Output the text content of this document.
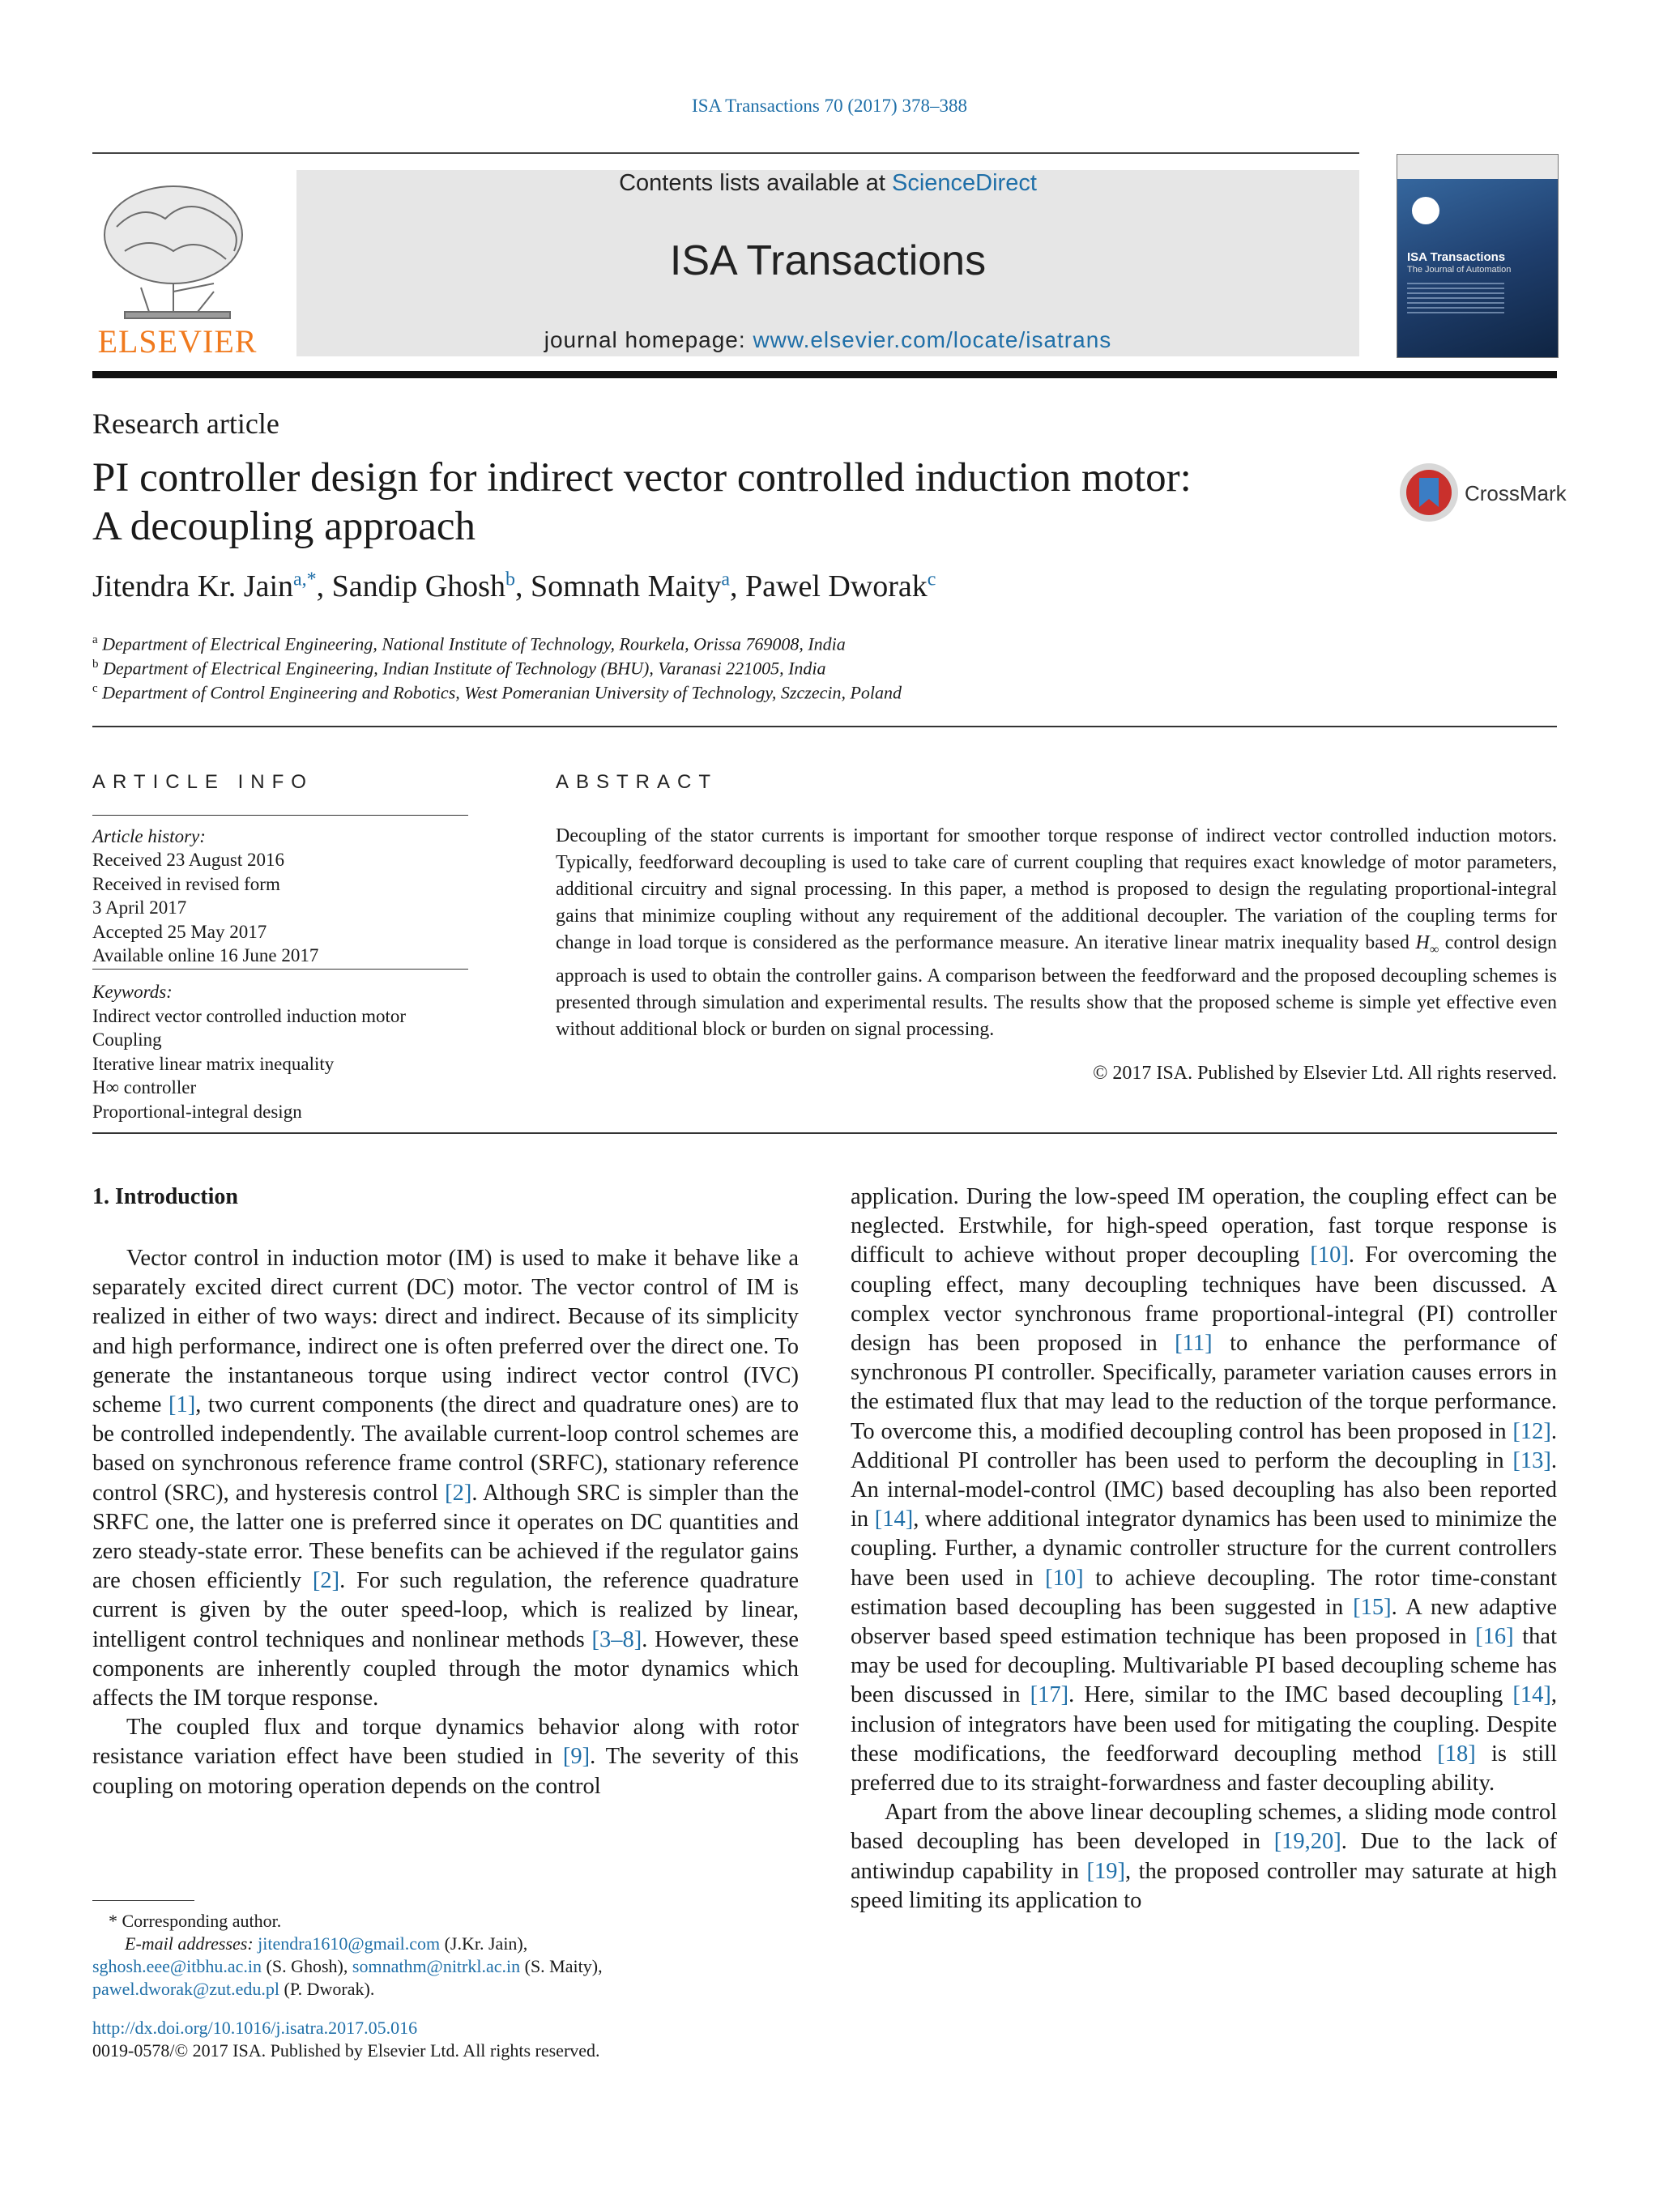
ISA Transactions 70 (2017) 378–388
ELSEVIER
Contents lists available at ScienceDirect
ISA Transactions
journal homepage: www.elsevier.com/locate/isatrans
ISA Transactions
The Journal of Automation
Research article
PI controller design for indirect vector controlled induction motor:
A decoupling approach
CrossMark
Jitendra Kr. Jain$^{a,*}$, Sandip Ghosh$^b$, Somnath Maity$^a$, Pawel Dworak$^c$
$^a$ Department of Electrical Engineering, National Institute of Technology, Rourkela, Orissa 769008, India
$^b$ Department of Electrical Engineering, Indian Institute of Technology (BHU), Varanasi 221005, India
$^c$ Department of Control Engineering and Robotics, West Pomeranian University of Technology, Szczecin, Poland
ARTICLE INFO
Article history:
Received 23 August 2016
Received in revised form
3 April 2017
Accepted 25 May 2017
Available online 16 June 2017
Keywords:
Indirect vector controlled induction motor
Coupling
Iterative linear matrix inequality
H∞ controller
Proportional-integral design
ABSTRACT
Decoupling of the stator currents is important for smoother torque response of indirect vector controlled induction motors. Typically, feedforward decoupling is used to take care of current coupling that requires exact knowledge of motor parameters, additional circuitry and signal processing. In this paper, a method is proposed to design the regulating proportional-integral gains that minimize coupling without any requirement of the additional decoupler. The variation of the coupling terms for change in load torque is considered as the performance measure. An iterative linear matrix inequality based $H_\infty$ control design approach is used to obtain the controller gains. A comparison between the feedforward and the proposed decoupling schemes is presented through simulation and experimental results. The results show that the proposed scheme is simple yet effective even without additional block or burden on signal processing.
© 2017 ISA. Published by Elsevier Ltd. All rights reserved.
1. Introduction

Vector control in induction motor (IM) is used to make it behave like a separately excited direct current (DC) motor. The vector control of IM is realized in either of two ways: direct and indirect. Because of its simplicity and high performance, indirect one is often preferred over the direct one. To generate the instantaneous torque using indirect vector control (IVC) scheme [1], two current components (the direct and quadrature ones) are to be controlled independently. The available current-loop control schemes are based on synchronous reference frame control (SRFC), stationary reference control (SRC), and hysteresis control [2]. Although SRC is simpler than the SRFC one, the latter one is preferred since it operates on DC quantities and zero steady-state error. These benefits can be achieved if the regulator gains are chosen efficiently [2]. For such regulation, the reference quadrature current is given by the outer speed-loop, which is realized by linear, intelligent control techniques and nonlinear methods [3–8]. However, these components are inherently coupled through the motor dynamics which affects the IM torque response.

The coupled flux and torque dynamics behavior along with rotor resistance variation effect have been studied in [9]. The severity of this coupling on motoring operation depends on the control

application. During the low-speed IM operation, the coupling effect can be neglected. Erstwhile, for high-speed operation, fast torque response is difficult to achieve without proper decoupling [10]. For overcoming the coupling effect, many decoupling techniques have been discussed. A complex vector synchronous frame proportional-integral (PI) controller design has been proposed in [11] to enhance the performance of synchronous PI controller. Specifically, parameter variation causes errors in the estimated flux that may lead to the reduction of the torque performance. To overcome this, a modified decoupling control has been proposed in [12]. Additional PI controller has been used to perform the decoupling in [13]. An internal-model-control (IMC) based decoupling has also been reported in [14], where additional integrator dynamics has been used to minimize the coupling. Further, a dynamic controller structure for the current controllers have been used in [10] to achieve decoupling. The rotor time-constant estimation based decoupling has been suggested in [15]. A new adaptive observer based speed estimation technique has been proposed in [16] that may be used for decoupling. Multivariable PI based decoupling scheme has been discussed in [17]. Here, similar to the IMC based decoupling [14], inclusion of integrators have been used for mitigating the coupling. Despite these modifications, the feedforward decoupling method [18] is still preferred due to its straight-forwardness and faster decoupling ability.

Apart from the above linear decoupling schemes, a sliding mode control based decoupling has been developed in [19,20]. Due to the lack of antiwindup capability in [19], the proposed controller may saturate at high speed limiting its application to

* Corresponding author.
E-mail addresses: jitendra1610@gmail.com (J.Kr. Jain),
sghosh.eee@itbhu.ac.in (S. Ghosh), somnathm@nitrkl.ac.in (S. Maity),
pawel.dworak@zut.edu.pl (P. Dworak).
http://dx.doi.org/10.1016/j.isatra.2017.05.016
0019-0578/© 2017 ISA. Published by Elsevier Ltd. All rights reserved.
